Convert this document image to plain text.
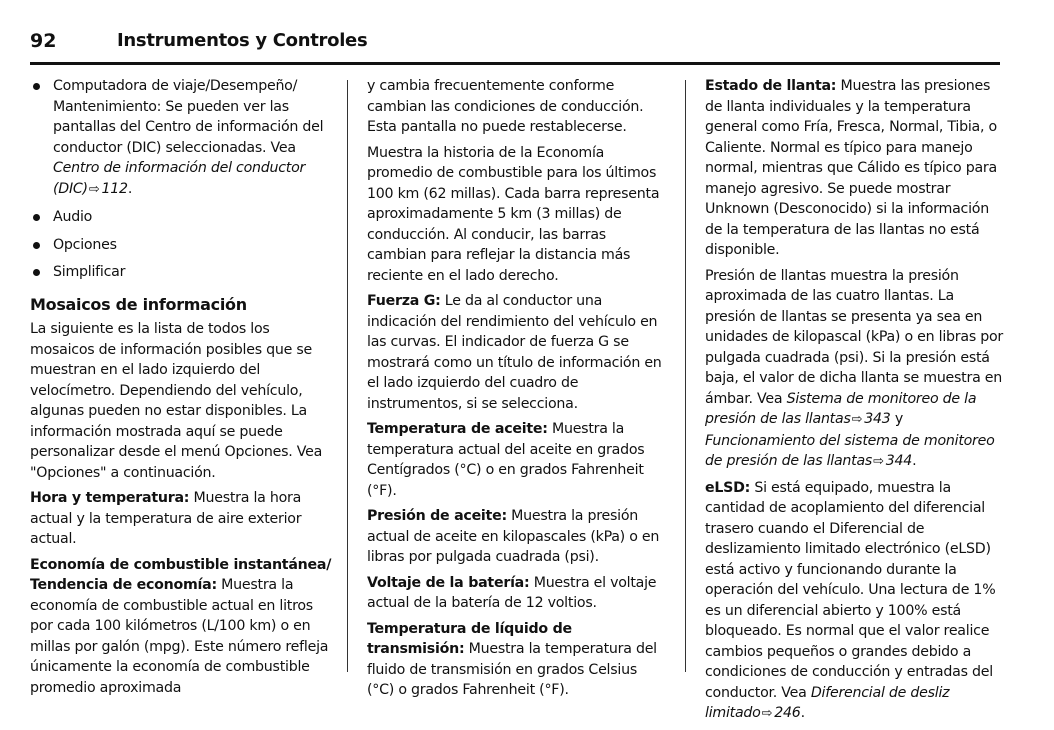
92	Instrumentos y Controles
Computadora de viaje/Desempeño/ Mantenimiento: Se pueden ver las pantallas del Centro de información del conductor (DIC) seleccionadas. Vea Centro de información del conductor (DIC)⇨ 112.
Audio
Opciones
Simplificar
Mosaicos de información

La siguiente es la lista de todos los mosaicos de información posibles que se muestran en el lado izquierdo del velocímetro. Dependiendo del vehículo, algunas pueden no estar disponibles. La información mostrada aquí se puede personalizar desde el menú Opciones. Vea "Opciones" a continuación.

Hora y temperatura: Muestra la hora actual y la temperatura de aire exterior actual.

Economía de combustible instantánea/ Tendencia de economía: Muestra la economía de combustible actual en litros por cada 100 kilómetros (L/100 km) o en millas por galón (mpg). Este número refleja únicamente la economía de combustible promedio aproximada

y cambia frecuentemente conforme cambian las condiciones de conducción. Esta pantalla no puede restablecerse.

Muestra la historia de la Economía promedio de combustible para los últimos 100 km (62 millas). Cada barra representa aproximadamente 5 km (3 millas) de conducción. Al conducir, las barras cambian para reflejar la distancia más reciente en el lado derecho.

Fuerza G: Le da al conductor una indicación del rendimiento del vehículo en las curvas. El indicador de fuerza G se mostrará como un título de información en el lado izquierdo del cuadro de instrumentos, si se selecciona.

Temperatura de aceite: Muestra la temperatura actual del aceite en grados Centígrados (°C) o en grados Fahrenheit (°F).

Presión de aceite: Muestra la presión actual de aceite en kilopascales (kPa) o en libras por pulgada cuadrada (psi).

Voltaje de la batería: Muestra el voltaje actual de la batería de 12 voltios.

Temperatura de líquido de transmisión: Muestra la temperatura del fluido de transmisión en grados Celsius (°C) o grados Fahrenheit (°F).

Estado de llanta: Muestra las presiones de llanta individuales y la temperatura general como Fría, Fresca, Normal, Tibia, o Caliente. Normal es típico para manejo normal, mientras que Cálido es típico para manejo agresivo. Se puede mostrar Unknown (Desconocido) si la información de la temperatura de las llantas no está disponible.

Presión de llantas muestra la presión aproximada de las cuatro llantas. La presión de llantas se presenta ya sea en unidades de kilopascal (kPa) o en libras por pulgada cuadrada (psi). Si la presión está baja, el valor de dicha llanta se muestra en ámbar. Vea Sistema de monitoreo de la presión de las llantas⇨ 343 y Funcionamiento del sistema de monitoreo de presión de las llantas⇨ 344.

eLSD: Si está equipado, muestra la cantidad de acoplamiento del diferencial trasero cuando el Diferencial de deslizamiento limitado electrónico (eLSD) está activo y funcionando durante la operación del vehículo. Una lectura de 1% es un diferencial abierto y 100% está bloqueado. Es normal que el valor realice cambios pequeños o grandes debido a condiciones de conducción y entradas del conductor. Vea Diferencial de desliz limitado⇨ 246.
